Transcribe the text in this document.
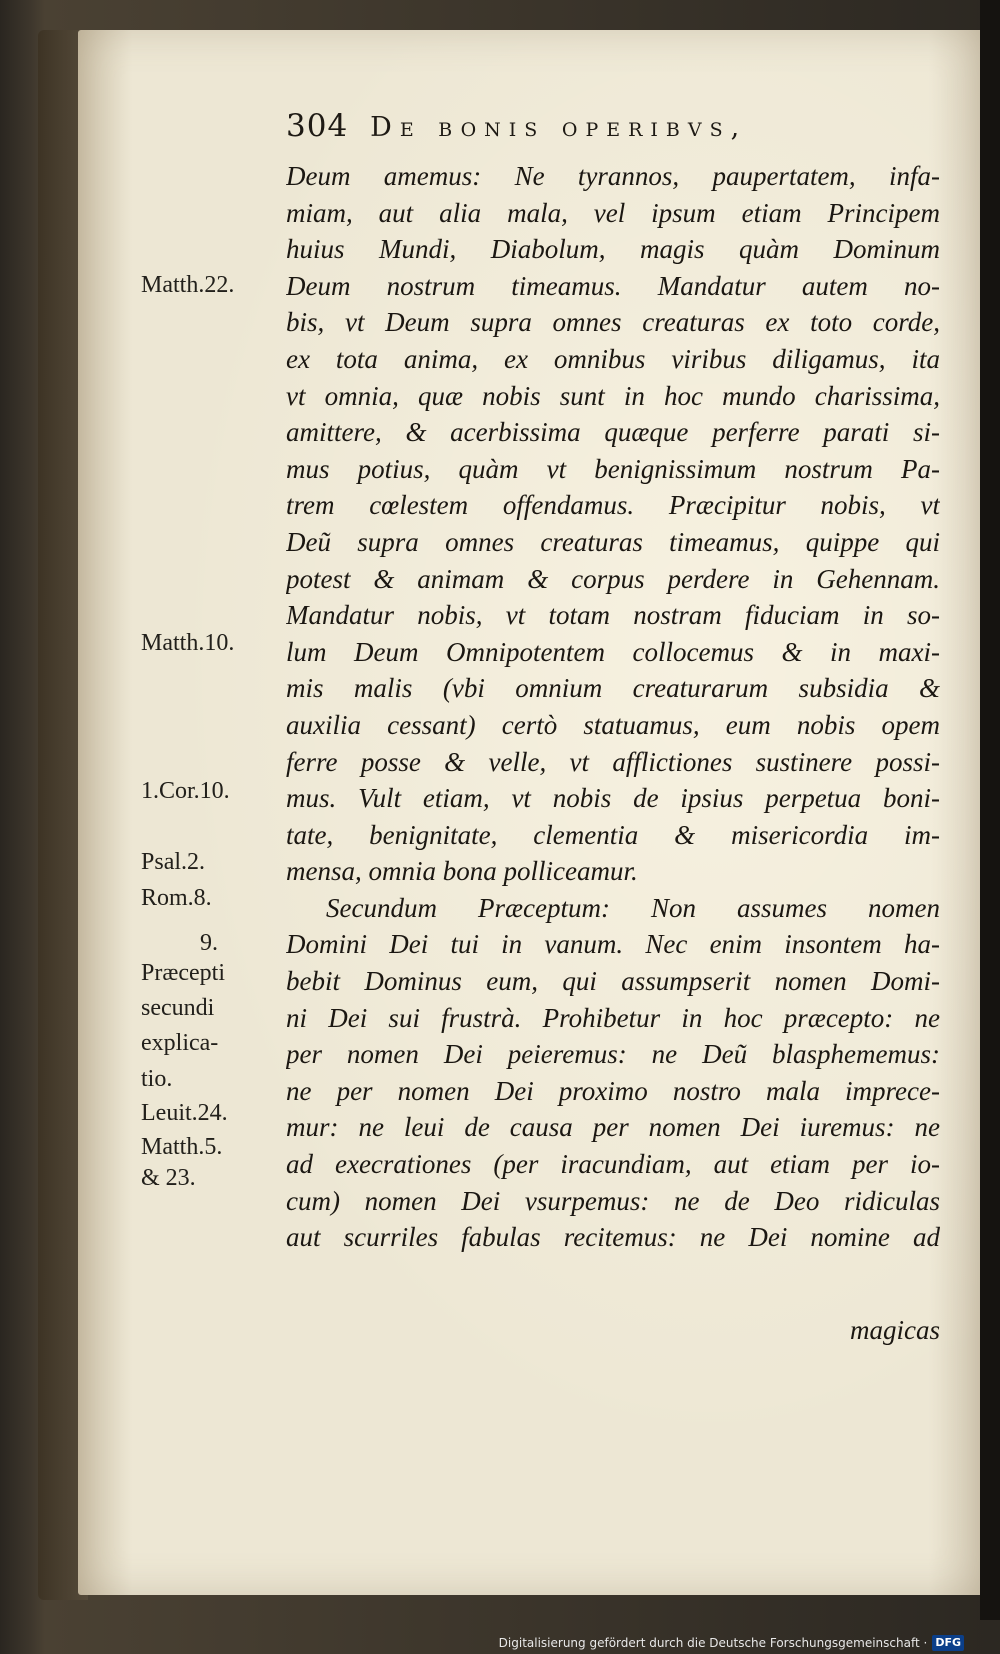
304 De bonis operibvs,
Deum amemus: Ne tyrannos, paupertatem, infa-
miam, aut alia mala, vel ipsum etiam Principem
huius Mundi, Diabolum, magis quàm Dominum
Deum nostrum timeamus. Mandatur autem no-
bis, vt Deum supra omnes creaturas ex toto corde,
ex tota anima, ex omnibus viribus diligamus, ita
vt omnia, quæ nobis sunt in hoc mundo charissima,
amittere, & acerbissima quæque perferre parati si-
mus potius, quàm vt benignissimum nostrum Pa-
trem cœlestem offendamus. Præcipitur nobis, vt
Deũ supra omnes creaturas timeamus, quippe qui
potest & animam & corpus perdere in Gehennam.
Mandatur nobis, vt totam nostram fiduciam in so-
lum Deum Omnipotentem collocemus & in maxi-
mis malis (vbi omnium creaturarum subsidia &
auxilia cessant) certò statuamus, eum nobis opem
ferre posse & velle, vt afflictiones sustinere possi-
mus. Vult etiam, vt nobis de ipsius perpetua boni-
tate, benignitate, clementia & misericordia im-
mensa, omnia bona polliceamur.
Secundum Præceptum: Non assumes nomen
Domini Dei tui in vanum. Nec enim insontem ha-
bebit Dominus eum, qui assumpserit nomen Domi-
ni Dei sui frustrà. Prohibetur in hoc præcepto: ne
per nomen Dei peieremus: ne Deũ blasphememus:
ne per nomen Dei proximo nostro mala imprece-
mur: ne leui de causa per nomen Dei iuremus: ne
ad execrationes (per iracundiam, aut etiam per io-
cum) nomen Dei vsurpemus: ne de Deo ridiculas
aut scurriles fabulas recitemus: ne Dei nomine ad
magicas
Matth.22.
Matth.10.
1.Cor.10.
Psal.2.
Rom.8.
9.
Præcepti
secundi
explica-
tio.
Leuit.24.
Matth.5.
& 23.
Digitalisierung gefördert durch die Deutsche Forschungsgemeinschaft · DFG
